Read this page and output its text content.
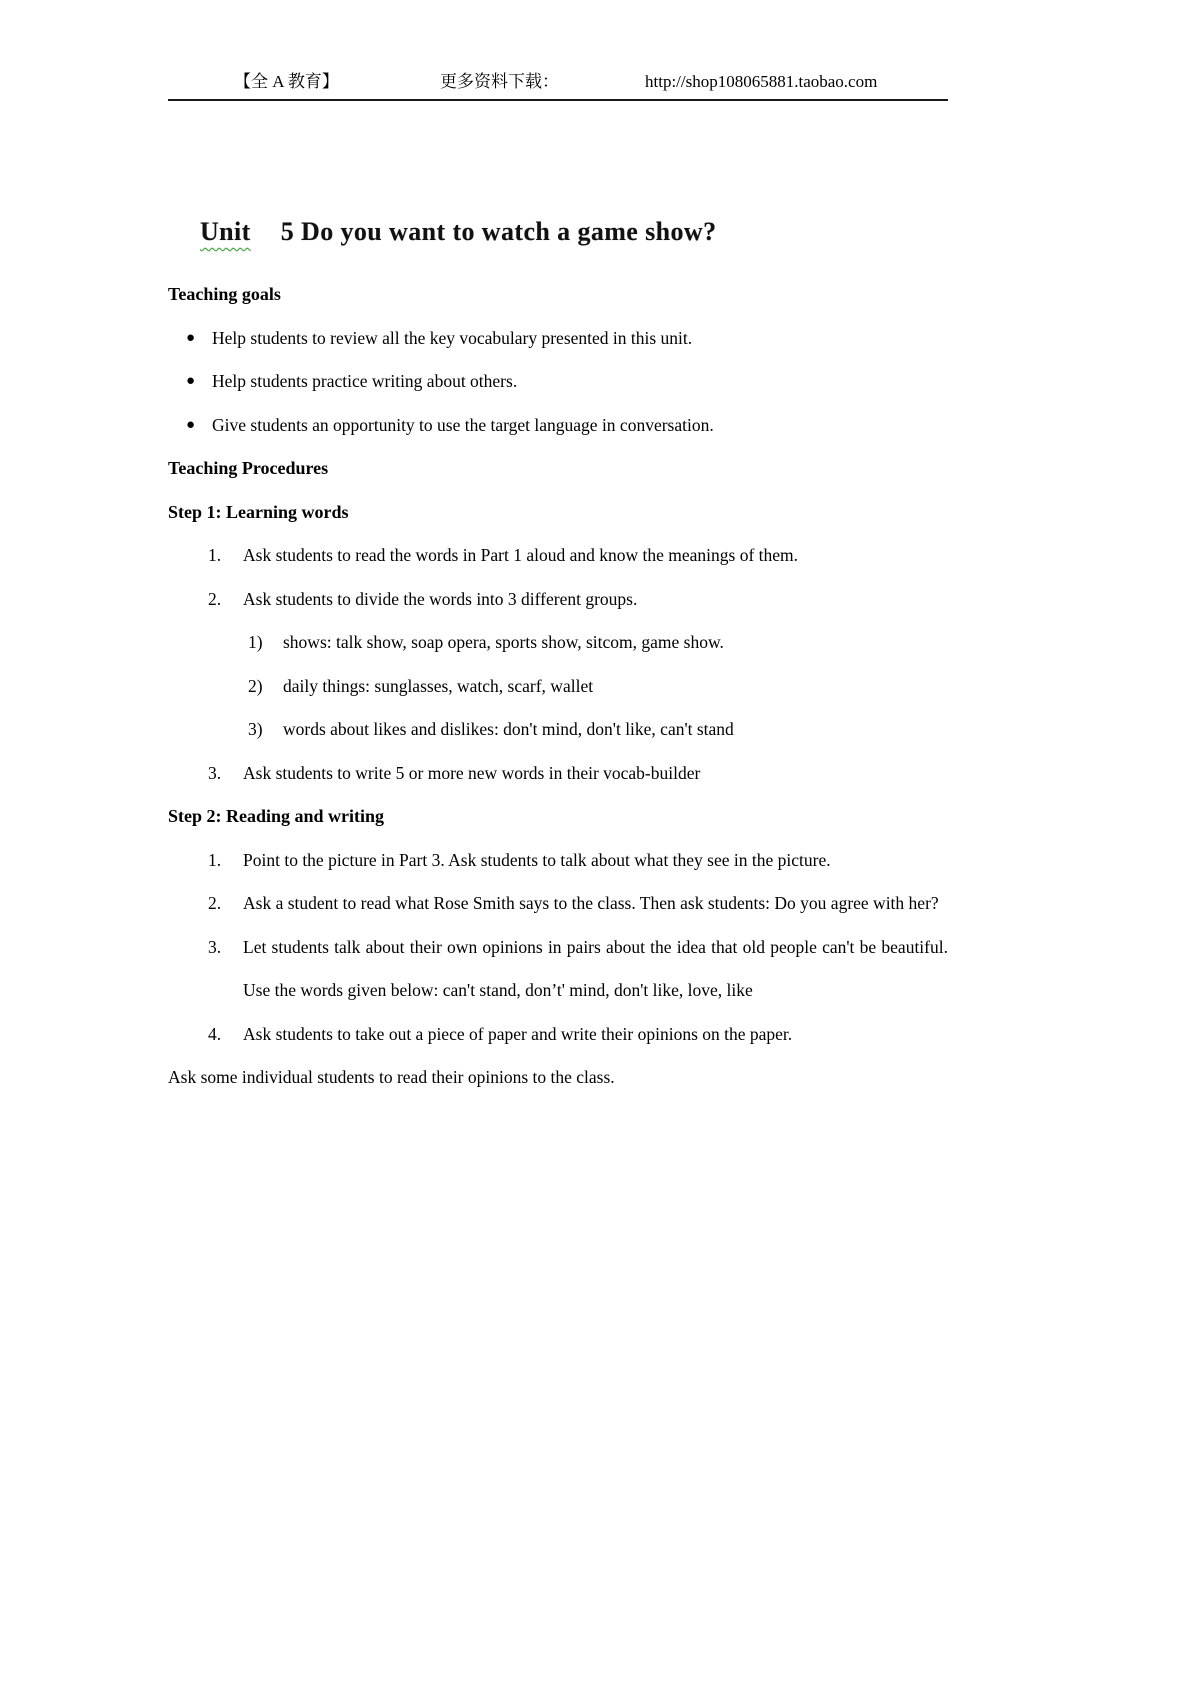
【全 A 教育】	更多资料下载：	http://shop108065881.taobao.com
Unit 5 Do you want to watch a game show?
Teaching goals
● Help students to review all the key vocabulary presented in this unit.
● Help students practice writing about others.
● Give students an opportunity to use the target language in conversation.
Teaching Procedures
Step 1: Learning words
1.	Ask students to read the words in Part 1 aloud and know the meanings of them.
2.	Ask students to divide the words into 3 different groups.
1)	shows: talk show, soap opera, sports show, sitcom, game show.
2)	daily things: sunglasses, watch, scarf, wallet
3)	words about likes and dislikes: don't mind, don't like, can't stand
3.	Ask students to write 5 or more new words in their vocab-builder
Step 2: Reading and writing
1.	Point to the picture in Part 3. Ask students to talk about what they see in the picture.
2.	Ask a student to read what Rose Smith says to the class. Then ask students: Do you agree with her?
3.	Let students talk about their own opinions in pairs about the idea that old people can't be beautiful. Use the words given below: can't stand, don’t' mind, don't like, love, like
4.	Ask students to take out a piece of paper and write their opinions on the paper.
Ask some individual students to read their opinions to the class.
